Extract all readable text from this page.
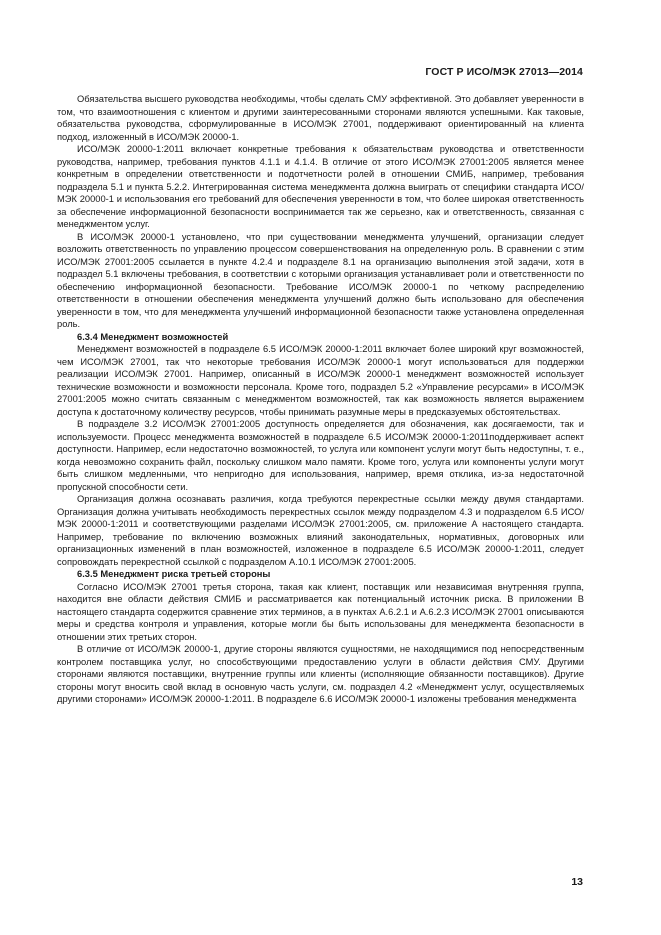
ГОСТ Р ИСО/МЭК 27013—2014

Обязательства высшего руководства необходимы, чтобы сделать СМУ эффективной. Это добавляет уверенности в том, что взаимоотношения с клиентом и другими заинтересованными сторонами являются успешными. Как таковые, обязательства руководства, сформулированные в ИСО/МЭК 27001, поддерживают ориентированный на клиента подход, изложенный в ИСО/МЭК 20000-1.

ИСО/МЭК 20000-1:2011 включает конкретные требования к обязательствам руководства и ответственности руководства, например, требования пунктов 4.1.1 и 4.1.4. В отличие от этого ИСО/МЭК 27001:2005 является менее конкретным в определении ответственности и подотчетности ролей в отношении СМИБ, например, требования подраздела 5.1 и пункта 5.2.2. Интегрированная система менеджмента должна выиграть от специфики стандарта ИСО/МЭК 20000-1 и использования его требований для обеспечения уверенности в том, что более широкая ответственность за обеспечение информационной безопасности воспринимается так же серьезно, как и ответственность, связанная с менеджментом услуг.

В ИСО/МЭК 20000-1 установлено, что при существовании менеджмента улучшений, организации следует возложить ответственность по управлению процессом совершенствования на определенную роль. В сравнении с этим ИСО/МЭК 27001:2005 ссылается в пункте 4.2.4 и подразделе 8.1 на организацию выполнения этой задачи, хотя в подраздел 5.1 включены требования, в соответствии с которыми организация устанавливает роли и ответственности по обеспечению информационной безопасности. Требование ИСО/МЭК 20000-1 по четкому распределению ответственности в отношении обеспечения менеджмента улучшений должно быть использовано для обеспечения уверенности в том, что для менеджмента улучшений информационной безопасности также установлена определенная роль.

6.3.4 Менеджмент возможностей

Менеджмент возможностей в подразделе 6.5 ИСО/МЭК 20000-1:2011 включает более широкий круг возможностей, чем ИСО/МЭК 27001, так что некоторые требования ИСО/МЭК 20000-1 могут использоваться для поддержки реализации ИСО/МЭК 27001. Например, описанный в ИСО/МЭК 20000-1 менеджмент возможностей использует технические возможности и возможности персонала. Кроме того, подраздел 5.2 «Управление ресурсами» в ИСО/МЭК 27001:2005 можно считать связанным с менеджментом возможностей, так как возможность является выражением доступа к достаточному количеству ресурсов, чтобы принимать разумные меры в предсказуемых обстоятельствах.

В подразделе 3.2 ИСО/МЭК 27001:2005 доступность определяется для обозначения, как досягаемости, так и используемости. Процесс менеджмента возможностей в подразделе 6.5 ИСО/МЭК 20000-1:2011поддерживает аспект доступности. Например, если недостаточно возможностей, то услуга или компонент услуги могут быть недоступны, т. е., когда невозможно сохранить файл, поскольку слишком мало памяти. Кроме того, услуга или компоненты услуги могут быть слишком медленными, что непригодно для использования, например, время отклика, из-за недостаточной пропускной способности сети.

Организация должна осознавать различия, когда требуются перекрестные ссылки между двумя стандартами. Организация должна учитывать необходимость перекрестных ссылок между подразделом 4.3 и подразделом 6.5 ИСО/МЭК 20000-1:2011 и соответствующими разделами ИСО/МЭК 27001:2005, см. приложение А настоящего стандарта. Например, требование по включению возможных влияний законодательных, нормативных, договорных или организационных изменений в план возможностей, изложенное в подразделе 6.5 ИСО/МЭК 20000-1:2011, следует сопровождать перекрестной ссылкой с подразделом А.10.1 ИСО/МЭК 27001:2005.

6.3.5 Менеджмент риска третьей стороны

Согласно ИСО/МЭК 27001 третья сторона, такая как клиент, поставщик или независимая внутренняя группа, находится вне области действия СМИБ и рассматривается как потенциальный источник риска. В приложении В настоящего стандарта содержится сравнение этих терминов, а в пунктах А.6.2.1 и А.6.2.3 ИСО/МЭК 27001 описываются меры и средства контроля и управления, которые могли бы быть использованы для менеджмента безопасности в отношении этих третьих сторон.

В отличие от ИСО/МЭК 20000-1, другие стороны являются сущностями, не находящимися под непосредственным контролем поставщика услуг, но способствующими предоставлению услуги в области действия СМУ. Другими сторонами являются поставщики, внутренние группы или клиенты (исполняющие обязанности поставщиков). Другие стороны могут вносить свой вклад в основную часть услуги, см. подраздел 4.2 «Менеджмент услуг, осуществляемых другими сторонами» ИСО/МЭК 20000-1:2011. В подразделе 6.6 ИСО/МЭК 20000-1 изложены требования менеджмента

13
